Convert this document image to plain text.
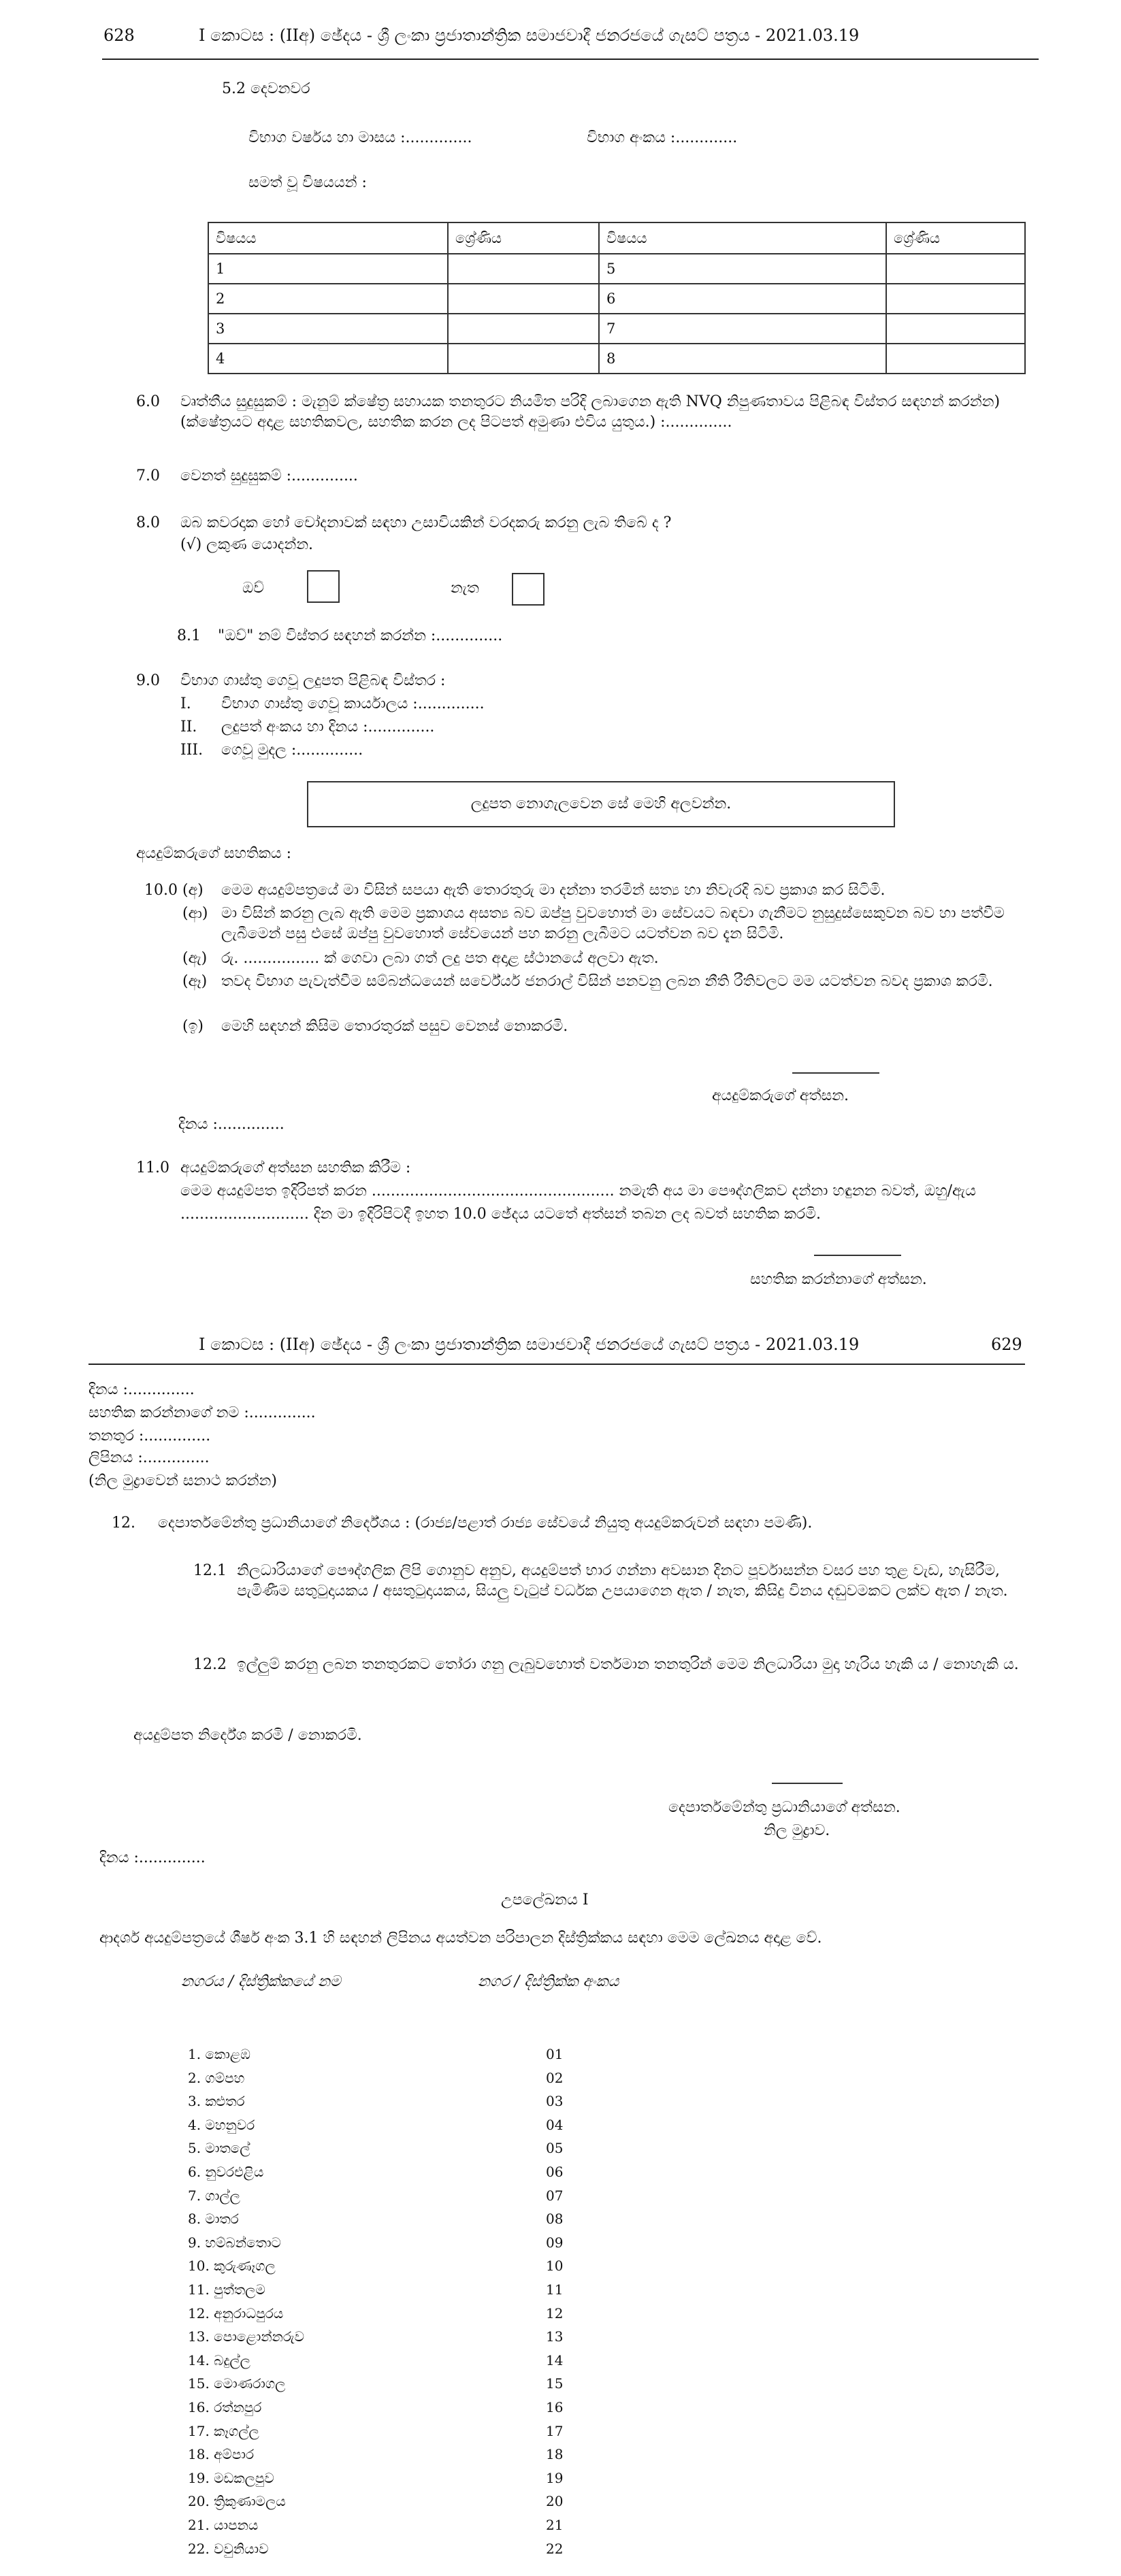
628	I කොටස : (IIඅ) ඡේදය - ශ්‍රී ලංකා ප්‍රජාතාන්ත්‍රික සමාජවාදී ජනරජයේ ගැසට් පත්‍රය - 2021.03.19
5.2 දෙවනවර
විභාග වර්ෂය හා මාසය :..............	විභාග අංකය :.............
සමත් වූ විෂයයන් :
විෂයය	ශ්‍රේණිය	විෂයය	ශ්‍රේණිය
1		5	
2		6	
3		7	
4		8	
6.0 වෘත්තීය සුදුසුකම් : මැනුම් ක්ෂේත්‍ර සහායක තනතුරට නියමිත පරිදි ලබාගෙන ඇති NVQ නිපුණතාවය පිළිබඳ විස්තර සඳහන් කරන්න) (ක්ෂේත්‍රයට අදාළ සහතිකවල, සහතික කරන ලද පිටපත් අමුණා එවිය යුතුය.) :..............
7.0 වෙනත් සුදුසුකම් :..............
8.0 ඔබ කවරදාක හෝ චෝදනාවක් සඳහා උසාවියකින් වරදකරු කරනු ලැබ තිබේ ද ?
(√) ලකුණ යොදන්න.
ඔව්	නැත
8.1 "ඔව්" නම් විස්තර සඳහන් කරන්න :..............
9.0 විභාග ගාස්තු ගෙවූ ලදුපත පිළිබඳ විස්තර :
I. විභාග ගාස්තු ගෙවූ කාර්යාලය :..............
II. ලදුපත් අංකය හා දිනය :..............
III. ගෙවූ මුදල :..............
ලදුපත නොගැලවෙන සේ මෙහි අලවන්න.
අයදුම්කරුගේ සහතිකය :
10.0 (අ) මෙම අයදුම්පත්‍රයේ මා විසින් සපයා ඇති තොරතුරු මා දන්නා තරමින් සත්‍ය හා නිවැරදි බව ප්‍රකාශ කර සිටිමි.
(ආ) මා විසින් කරනු ලැබ ඇති මෙම ප්‍රකාශය අසත්‍ය බව ඔප්පු වුවහොත් මා සේවයට බඳවා ගැනීමට නුසුදුස්සෙකුවන බව හා පත්වීම ලැබීමෙන් පසු එසේ ඔප්පු වුවහොත් සේවයෙන් පහ කරනු ලැබීමට යටත්වන බව දැන සිටිමි.
(ඇ) රු. ................ ක් ගෙවා ලබා ගත් ලදු පත අදාළ ස්ථානයේ අලවා ඇත.
(ඈ) තවද විභාග පැවැත්වීම සම්බන්ධයෙන් සර්වේයර් ජනරාල් විසින් පනවනු ලබන නීති රීතිවලට මම යටත්වන බවද ප්‍රකාශ කරමි.
(ඉ) මෙහි සඳහන් කිසිම තොරතුරක් පසුව වෙනස් නොකරමි.
අයදුම්කරුගේ අත්සන.
දිනය :..............
11.0 අයදුම්කරුගේ අත්සන සහතික කිරීම :
මෙම අයදුම්පත ඉදිරිපත් කරන ................................................... නමැති අය මා පෞද්ගලිකව දන්නා හඳුනන බවත්, ඔහු/ඇය
........................... දින මා ඉදිරිපිටදී ඉහත 10.0 ඡේදය යටතේ අත්සන් තබන ලද බවත් සහතික කරමි.
සහතික කරන්නාගේ අත්සන.
I කොටස : (IIඅ) ඡේදය - ශ්‍රී ලංකා ප්‍රජාතාන්ත්‍රික සමාජවාදී ජනරජයේ ගැසට් පත්‍රය - 2021.03.19	629
දිනය :..............
සහතික කරන්නාගේ නම :..............
තනතුර :..............
ලිපිනය :..............
(නිල මුද්‍රාවෙන් සනාථ කරන්න)
12. දෙපාර්තමේන්තු ප්‍රධානියාගේ නිර්දේශය : (රාජ්‍ය/පළාත් රාජ්‍ය සේවයේ නියුතු අයදුම්කරුවන් සඳහා පමණි).
12.1 නිලධාරියාගේ පෞද්ගලික ලිපි ගොනුව අනුව, අයදුම්පත් භාර ගන්නා අවසාන දිනට පූර්වාසන්න වසර පහ තුළ වැඩ, හැසිරීම, පැමිණීම සතුටුදායකය / අසතුටුදායකය, සියලු වැටුප් වර්ධක උපයාගෙන ඇත / නැත, කිසිදු විනය දඬුවමකට ලක්ව ඇත / නැත.
12.2 ඉල්ලුම් කරනු ලබන තනතුරකට තෝරා ගනු ලැබුවහොත් වර්තමාන තනතුරින් මෙම නිලධාරියා මුදා හැරිය හැකි ය / නොහැකි ය.
අයදුම්පත නිර්දේශ කරමි / නොකරමි.
දෙපාර්තමේන්තු ප්‍රධානියාගේ අත්සන.
නිල මුද්‍රාව.
දිනය :..............
උපලේඛනය I
ආදර්ශ අයදුම්පත්‍රයේ ශීර්ෂ අංක 3.1 හි සඳහන් ලිපිනය අයත්වන පරිපාලන දිස්ත්‍රික්කය සඳහා මෙම ලේඛනය අදාළ වේ.
නගරය / දිස්ත්‍රික්කයේ නම	නගර / දිස්ත්‍රික්ක අංකය
1. කොළඹ	01
2. ගම්පහ	02
3. කළුතර	03
4. මහනුවර	04
5. මාතලේ	05
6. නුවරඑළිය	06
7. ගාල්ල	07
8. මාතර	08
9. හම්බන්තොට	09
10. කුරුණෑගල	10
11. පුත්තලම	11
12. අනුරාධපුරය	12
13. පොළොන්නරුව	13
14. බදුල්ල	14
15. මොණරාගල	15
16. රත්නපුර	16
17. කෑගල්ල	17
18. අම්පාර	18
19. මඩකලපුව	19
20. ත්‍රිකුණාමලය	20
21. යාපනය	21
22. වවුනියාව	22
